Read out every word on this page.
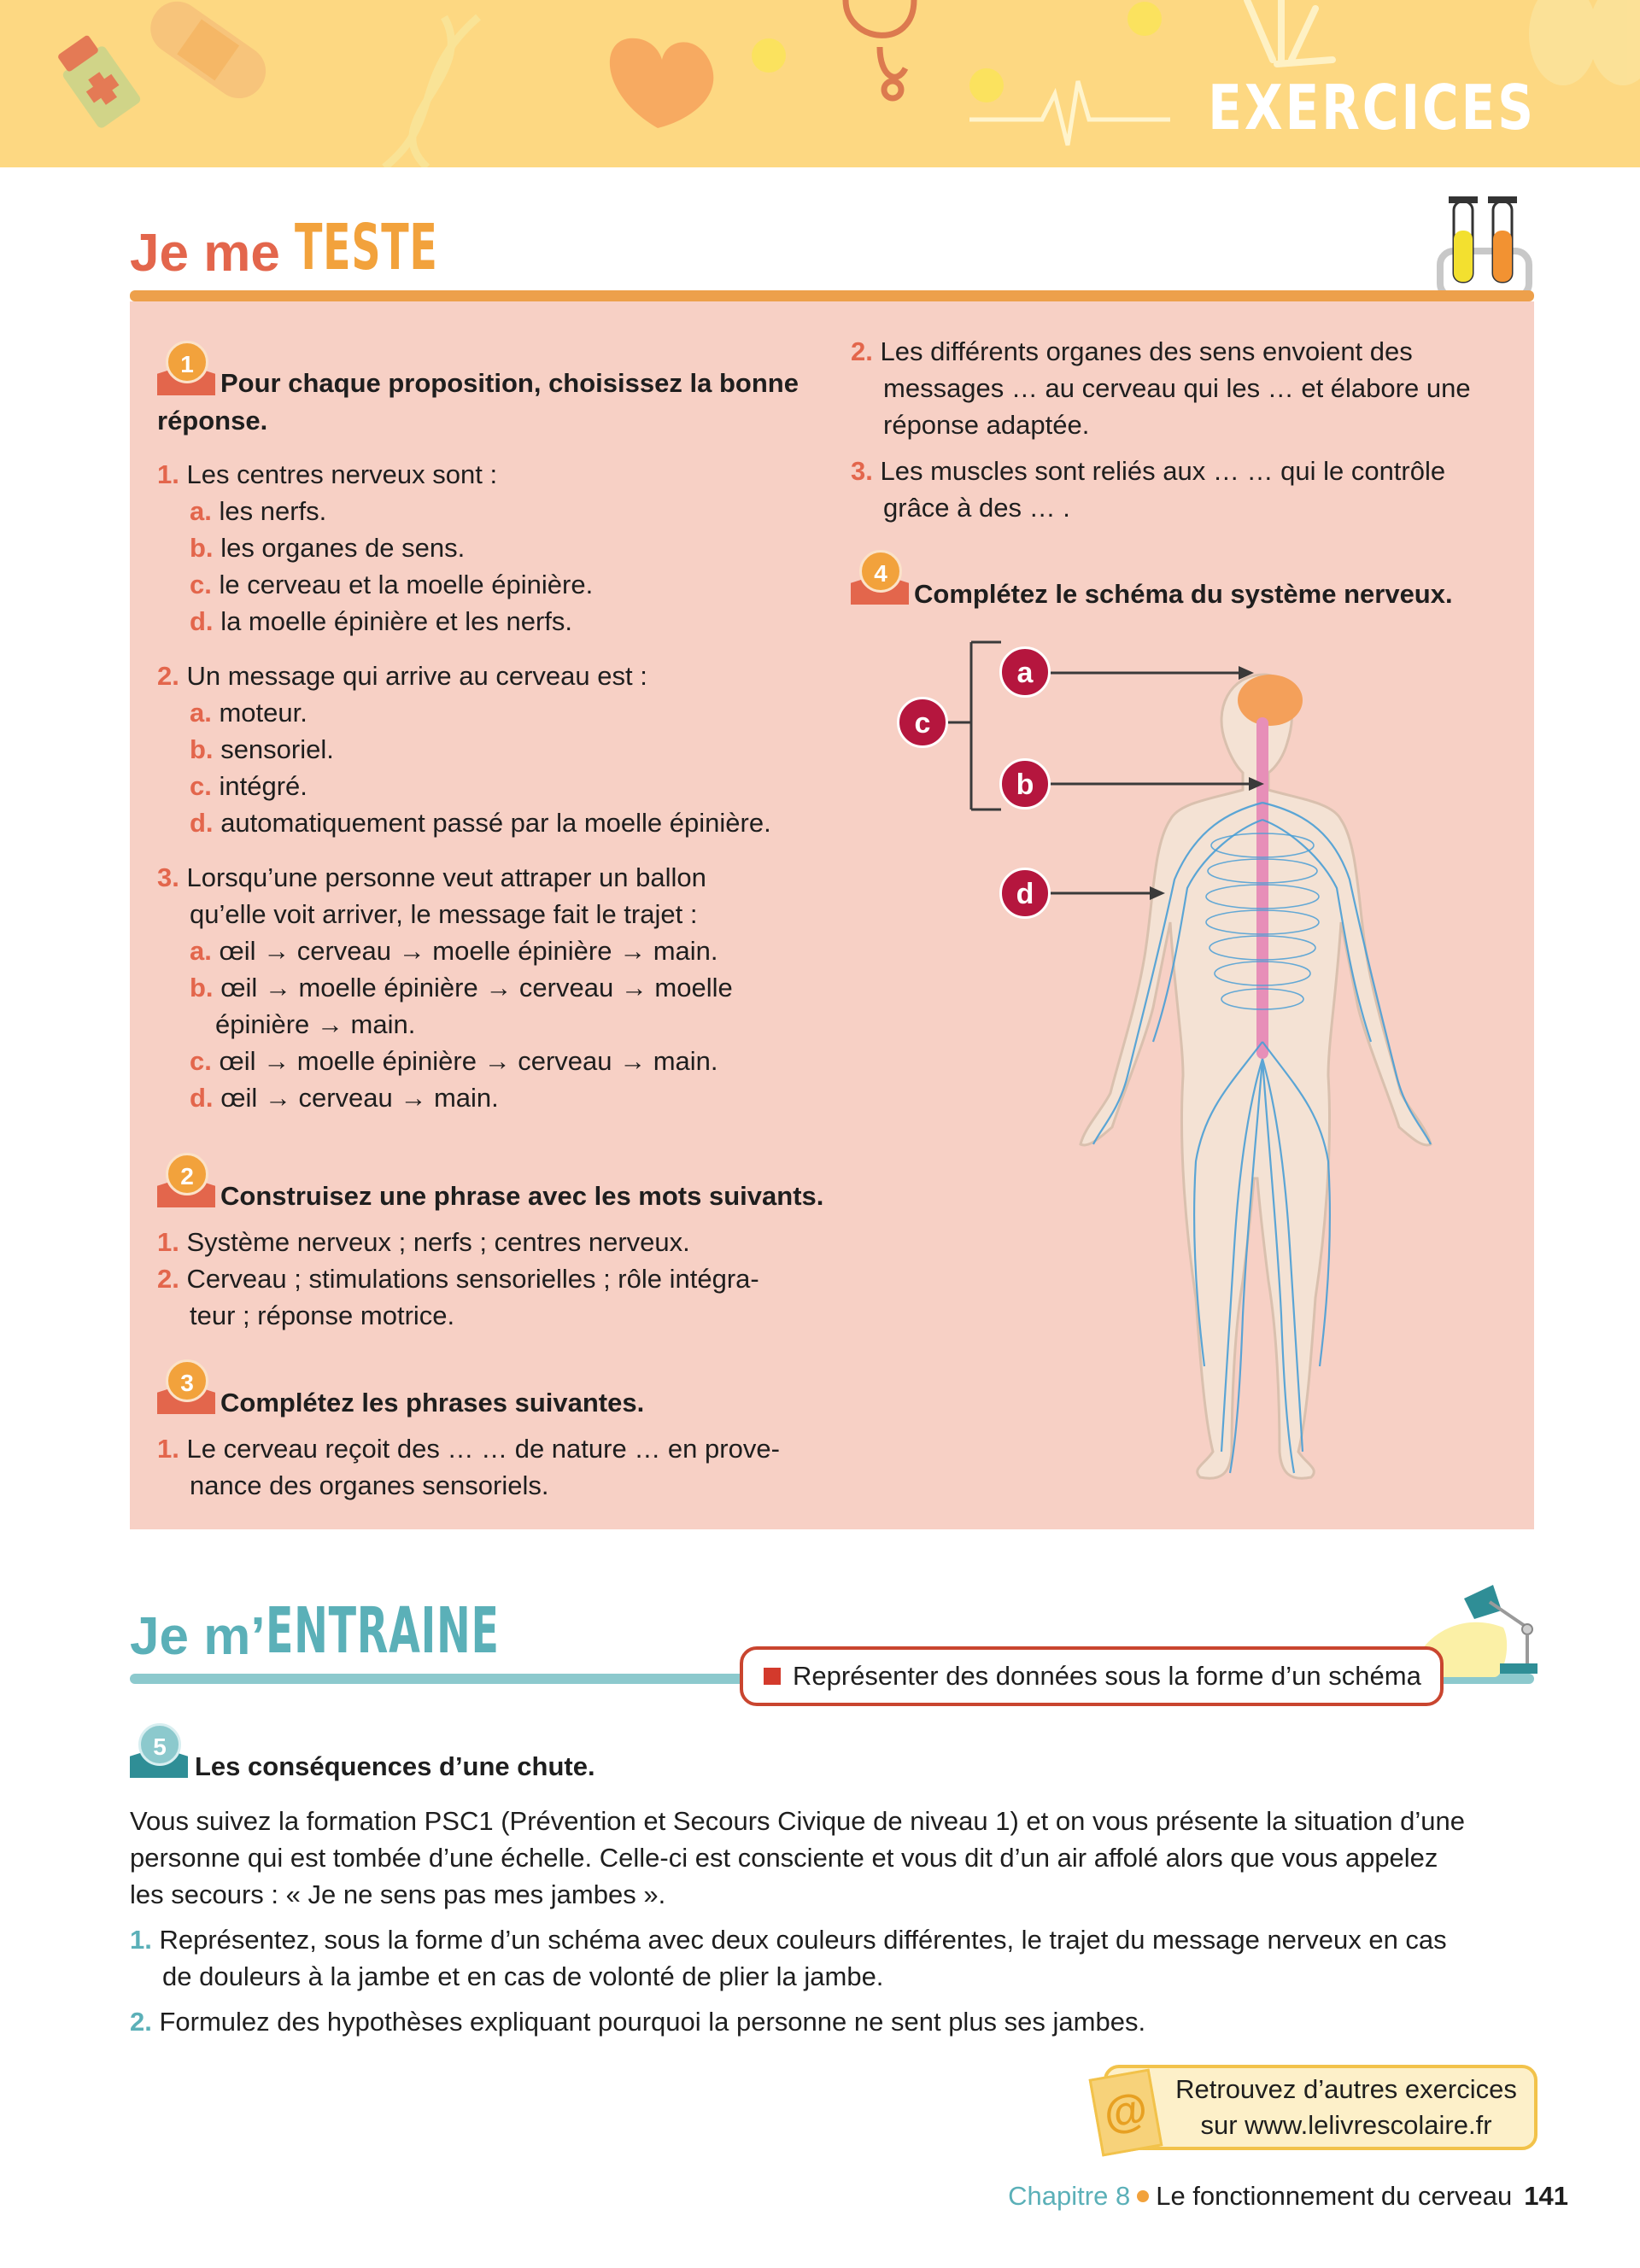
EXERCICES
Je me TESTE
1
Pour chaque proposition, choisissez la bonne
réponse.
1. Les centres nerveux sont :
a. les nerfs.
b. les organes de sens.
c. le cerveau et la moelle épinière.
d. la moelle épinière et les nerfs.
2. Un message qui arrive au cerveau est :
a. moteur.
b. sensoriel.
c. intégré.
d. automatiquement passé par la moelle épinière.
3. Lorsqu’une personne veut attraper un ballon
qu’elle voit arriver, le message fait le trajet :
a. œil → cerveau → moelle épinière → main.
b. œil → moelle épinière → cerveau → moelle
épinière → main.
c. œil → moelle épinière → cerveau → main.
d. œil → cerveau → main.
2
Construisez une phrase avec les mots suivants.
1. Système nerveux ; nerfs ; centres nerveux.
2. Cerveau ; stimulations sensorielles ; rôle intégra-
teur ; réponse motrice.
3
Complétez les phrases suivantes.
1. Le cerveau reçoit des … … de nature … en prove-
nance des organes sensoriels.
2. Les différents organes des sens envoient des
messages … au cerveau qui les … et élabore une
réponse adaptée.
3. Les muscles sont reliés aux … … qui le contrôle
grâce à des … .
4
Complétez le schéma du système nerveux.
a
b
c
d
Je m’ENTRAINE
Représenter des données sous la forme d’un schéma
5
Les conséquences d’une chute.
Vous suivez la formation PSC1 (Prévention et Secours Civique de niveau 1) et on vous présente la situation d’une
personne qui est tombée d’une échelle. Celle-ci est consciente et vous dit d’un air affolé alors que vous appelez
les secours : « Je ne sens pas mes jambes ».
1. Représentez, sous la forme d’un schéma avec deux couleurs différentes, le trajet du message nerveux en cas
de douleurs à la jambe et en cas de volonté de plier la jambe.
2. Formulez des hypothèses expliquant pourquoi la personne ne sent plus ses jambes.
@ Retrouvez d’autres exercices
sur www.lelivrescolaire.fr
Chapitre 8 Le fonctionnement du cerveau 141
